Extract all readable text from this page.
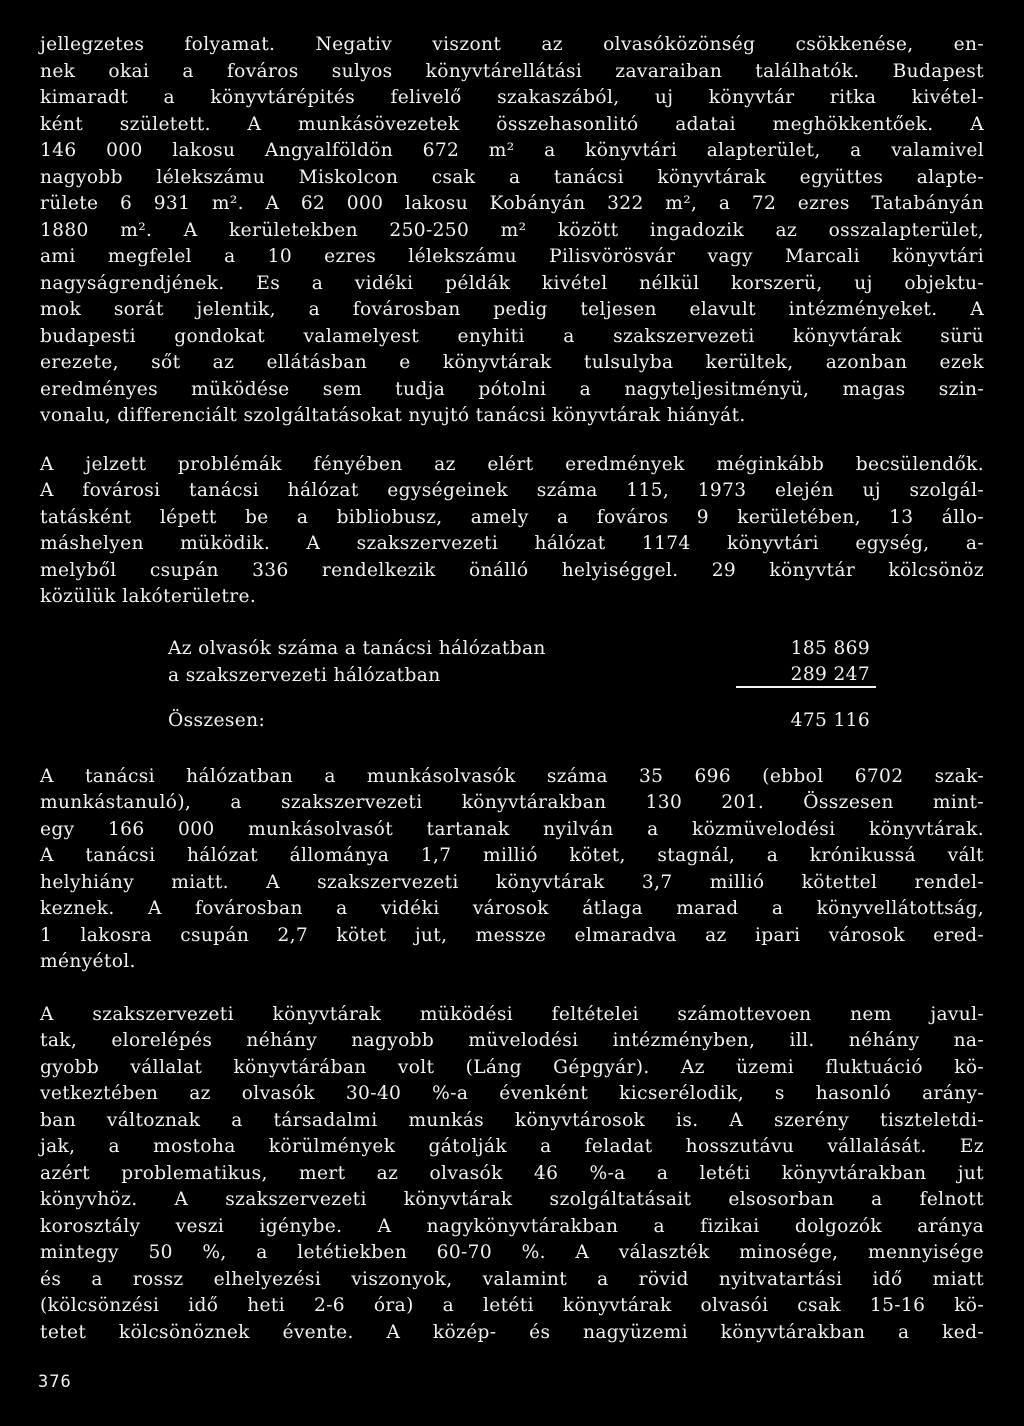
jellegzetes folyamat. Negativ viszont az olvasóközönség csökkenése, en-
nek okai a fováros sulyos könyvtárellátási zavaraiban találhatók. Budapest
kimaradt a könyvtárépités felivelő szakaszából, uj könyvtár ritka kivétel-
ként született. A munkásövezetek összehasonlitó adatai meghökkentőek. A
146 000 lakosu Angyalföldön 672 m² a könyvtári alapterület, a valamivel
nagyobb lélekszámu Miskolcon csak a tanácsi könyvtárak együttes alapte-
rülete 6 931 m². A 62 000 lakosu Kobányán 322 m², a 72 ezres Tatabányán
1880 m². A kerületekben 250-250 m² között ingadozik az osszalapterület,
ami megfelel a 10 ezres lélekszámu Pilisvörösvár vagy Marcali könyvtári
nagyságrendjének. Es a vidéki példák kivétel nélkül korszerü, uj objektu-
mok sorát jelentik, a fovárosban pedig teljesen elavult intézményeket. A
budapesti gondokat valamelyest enyhiti a szakszervezeti könyvtárak sürü
erezete, sőt az ellátásban e könyvtárak tulsulyba kerültek, azonban ezek
eredményes müködése sem tudja pótolni a nagyteljesitményü, magas szin-
vonalu, differenciált szolgáltatásokat nyujtó tanácsi könyvtárak hiányát.

A jelzett problémák fényében az elért eredmények méginkább becsülendők.
A fovárosi tanácsi hálózat egységeinek száma 115, 1973 elején uj szolgál-
tatásként lépett be a bibliobusz, amely a fováros 9 kerületében, 13 állo-
máshelyen müködik. A szakszervezeti hálózat 1174 könyvtári egység, a-
melyből csupán 336 rendelkezik önálló helyiséggel. 29 könyvtár kölcsönöz
közülük lakóterületre.

Az olvasók száma a tanácsi hálózatban	185 869
a szakszervezeti hálózatban	289 247
Összesen:	475 116

A tanácsi hálózatban a munkásolvasók száma 35 696 (ebbol 6702 szak-
munkástanuló), a szakszervezeti könyvtárakban 130 201. Összesen mint-
egy 166 000 munkásolvasót tartanak nyilván a közmüvelodési könyvtárak.
A tanácsi hálózat állománya 1,7 millió kötet, stagnál, a krónikussá vált
helyhiány miatt. A szakszervezeti könyvtárak 3,7 millió kötettel rendel-
keznek. A fovárosban a vidéki városok átlaga marad a könyvellátottság,
1 lakosra csupán 2,7 kötet jut, messze elmaradva az ipari városok ered-
ményétol.

A szakszervezeti könyvtárak müködési feltételei számottevoen nem javul-
tak, elorelépés néhány nagyobb müvelodési intézményben, ill. néhány na-
gyobb vállalat könyvtárában volt (Láng Gépgyár). Az üzemi fluktuáció kö-
vetkeztében az olvasók 30-40 %-a évenként kicserélodik, s hasonló arány-
ban változnak a társadalmi munkás könyvtárosok is. A szerény tiszteletdi-
jak, a mostoha körülmények gátolják a feladat hosszutávu vállalását. Ez
azért problematikus, mert az olvasók 46 %-a a letéti könyvtárakban jut
könyvhöz. A szakszervezeti könyvtárak szolgáltatásait elsosorban a felnott
korosztály veszi igénybe. A nagykönyvtárakban a fizikai dolgozók aránya
mintegy 50 %, a letétiekben 60-70 %. A választék minosége, mennyisége
és a rossz elhelyezési viszonyok, valamint a rövid nyitvatartási idő miatt
(kölcsönzési idő heti 2-6 óra) a letéti könyvtárak olvasói csak 15-16 kö-
tetet kölcsönöznek évente. A közép- és nagyüzemi könyvtárakban a ked-

376
